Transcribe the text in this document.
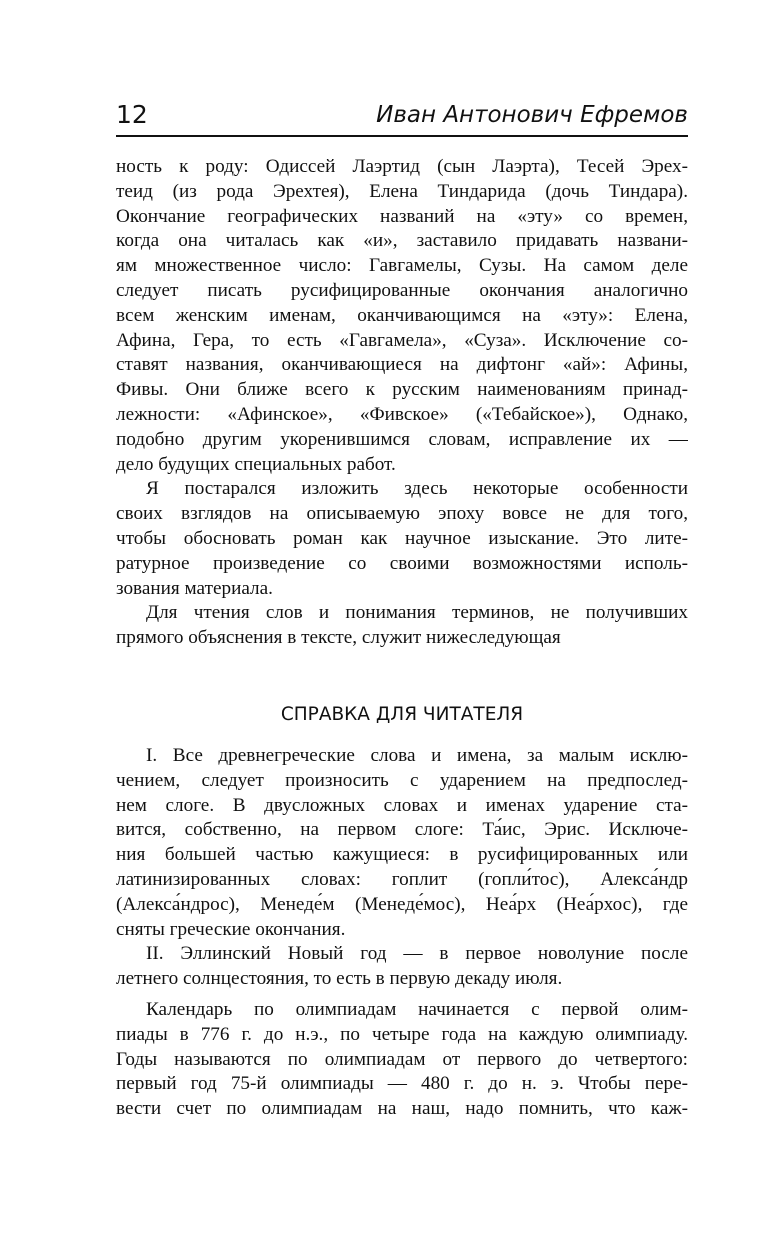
12	Иван Антонович Ефремов
ность к роду: Одиссей Лаэртид (сын Лаэрта), Тесей Эрех-
теид (из рода Эрехтея), Елена Тиндарида (дочь Тиндара).
Окончание географических названий на «эту» со времен,
когда она читалась как «и», заставило придавать названи-
ям множественное число: Гавгамелы, Сузы. На самом деле
следует писать русифицированные окончания аналогично
всем женским именам, оканчивающимся на «эту»: Елена,
Афина, Гера, то есть «Гавгамела», «Суза». Исключение со-
ставят названия, оканчивающиеся на дифтонг «ай»: Афины,
Фивы. Они ближе всего к русским наименованиям принад-
лежности: «Афинское», «Фивское» («Тебайское»), Однако,
подобно другим укоренившимся словам, исправление их —
дело будущих специальных работ.
Я постарался изложить здесь некоторые особенности
своих взглядов на описываемую эпоху вовсе не для того,
чтобы обосновать роман как научное изыскание. Это лите-
ратурное произведение со своими возможностями исполь-
зования материала.
Для чтения слов и понимания терминов, не получивших
прямого объяснения в тексте, служит нижеследующая
СПРАВКА ДЛЯ ЧИТАТЕЛЯ
I. Все древнегреческие слова и имена, за малым исклю-
чением, следует произносить с ударением на предпослед-
нем слоге. В двусложных словах и именах ударение ста-
вится, собственно, на первом слоге: Та́ис, Эрис. Исключе-
ния большей частью кажущиеся: в русифицированных или
латинизированных словах: гоплит (гопли́тос), Алекса́ндр
(Алекса́ндрос), Менеде́м (Менеде́мос), Неа́рх (Неа́рхос), где
сняты греческие окончания.
II. Эллинский Новый год — в первое новолуние после
летнего солнцестояния, то есть в первую декаду июля.
Календарь по олимпиадам начинается с первой олим-
пиады в 776 г. до н.э., по четыре года на каждую олимпиаду.
Годы называются по олимпиадам от первого до четвертого:
первый год 75-й олимпиады — 480 г. до н. э. Чтобы пере-
вести счет по олимпиадам на наш, надо помнить, что каж-
